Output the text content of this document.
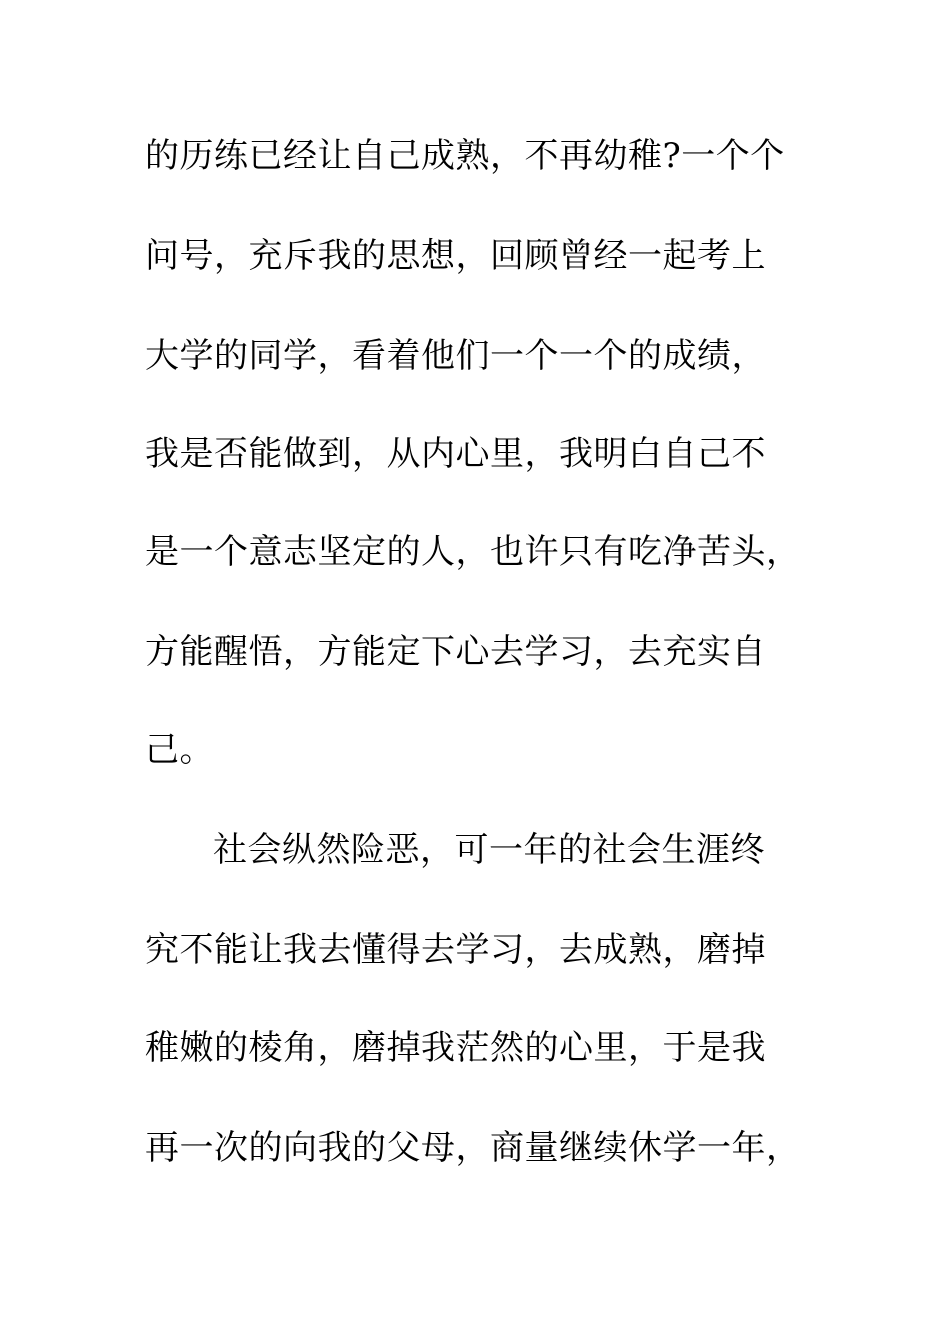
的历练已经让自己成熟，不再幼稚?一个个
问号，充斥我的思想，回顾曾经一起考上
大学的同学，看着他们一个一个的成绩，
我是否能做到，从内心里，我明白自己不
是一个意志坚定的人，也许只有吃净苦头，
方能醒悟，方能定下心去学习，去充实自
己。
社会纵然险恶，可一年的社会生涯终
究不能让我去懂得去学习，去成熟，磨掉
稚嫩的棱角，磨掉我茫然的心里，于是我
再一次的向我的父母，商量继续休学一年，
